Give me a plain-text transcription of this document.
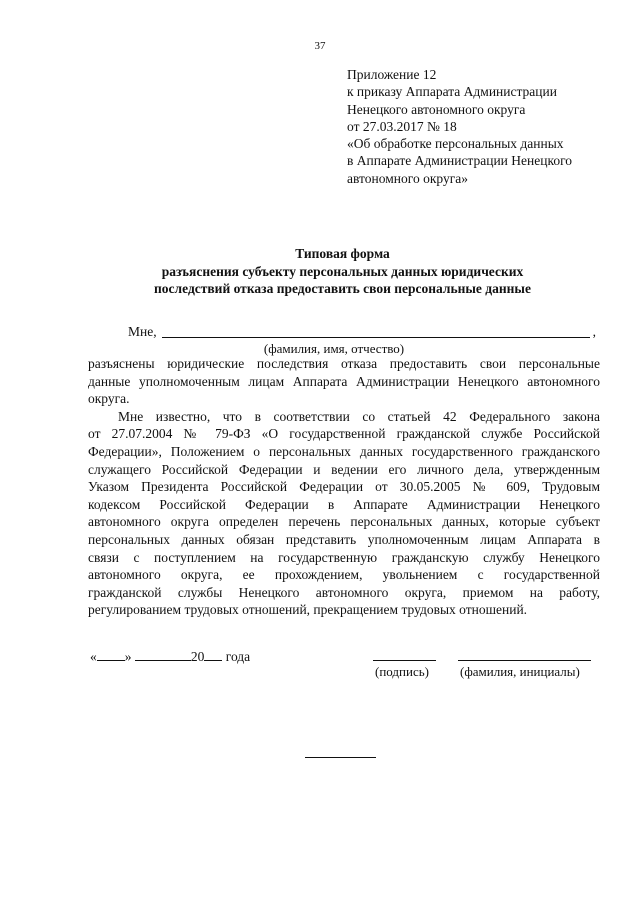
37
Приложение 12
к приказу Аппарата Администрации
Ненецкого автономного округа
от 27.03.2017 № 18
«Об обработке персональных данных
в Аппарате Администрации Ненецкого
автономного округа»
Типовая форма
разъяснения субъекту персональных данных юридических
последствий отказа предоставить свои персональные данные
Мне,	,
(фамилия, имя, отчество)
разъяснены юридические последствия отказа предоставить свои персональные
данные уполномоченным лицам Аппарата Администрации Ненецкого автономного
округа.
Мне известно, что в соответствии со статьей 42 Федерального закона
от 27.07.2004 № 79-ФЗ «О государственной гражданской службе Российской
Федерации», Положением о персональных данных государственного гражданского
служащего Российской Федерации и ведении его личного дела, утвержденным
Указом Президента Российской Федерации от 30.05.2005 № 609, Трудовым
кодексом Российской Федерации в Аппарате Администрации Ненецкого
автономного округа определен перечень персональных данных, которые субъект
персональных данных обязан представить уполномоченным лицам Аппарата в
связи с поступлением на государственную гражданскую службу Ненецкого
автономного округа, ее прохождением, увольнением с государственной
гражданской службы Ненецкого автономного округа, приемом на работу,
регулированием трудовых отношений, прекращением трудовых отношений.
« »	20 года
(подпись) (фамилия, инициалы)
